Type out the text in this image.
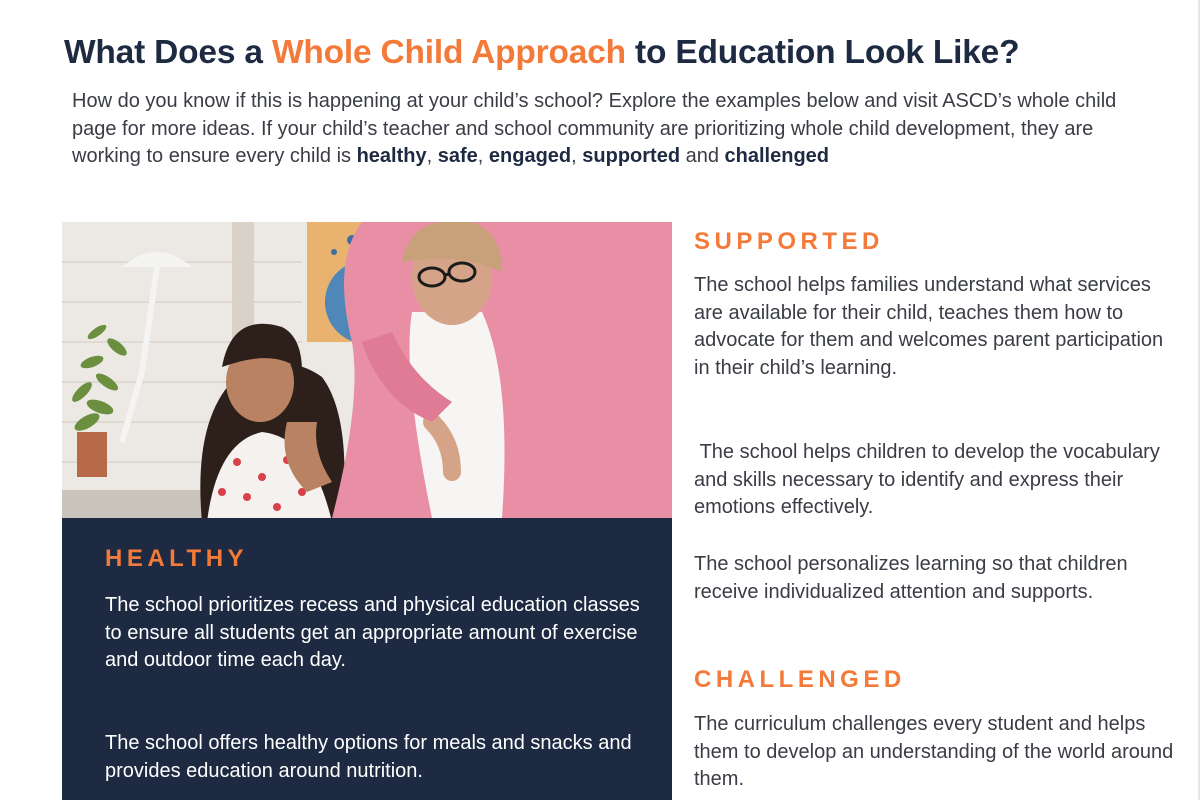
What Does a Whole Child Approach to Education Look Like?

How do you know if this is happening at your child’s school? Explore the examples below and visit ASCD’s whole child page for more ideas. If your child’s teacher and school community are prioritizing whole child development, they are working to ensure every child is healthy, safe, engaged, supported and challenged

HEALTHY

The school prioritizes recess and physical education classes to ensure all students get an appropriate amount of exercise and outdoor time each day.

The school offers healthy options for meals and snacks and provides education around nutrition.

SUPPORTED

The school helps families understand what services are available for their child, teaches them how to advocate for them and welcomes parent participation in their child’s learning.

The school helps children to develop the vocabulary and skills necessary to identify and express their emotions effectively.

The school personalizes learning so that children receive individualized attention and supports.

CHALLENGED

The curriculum challenges every student and helps them to develop an understanding of the world around them.
